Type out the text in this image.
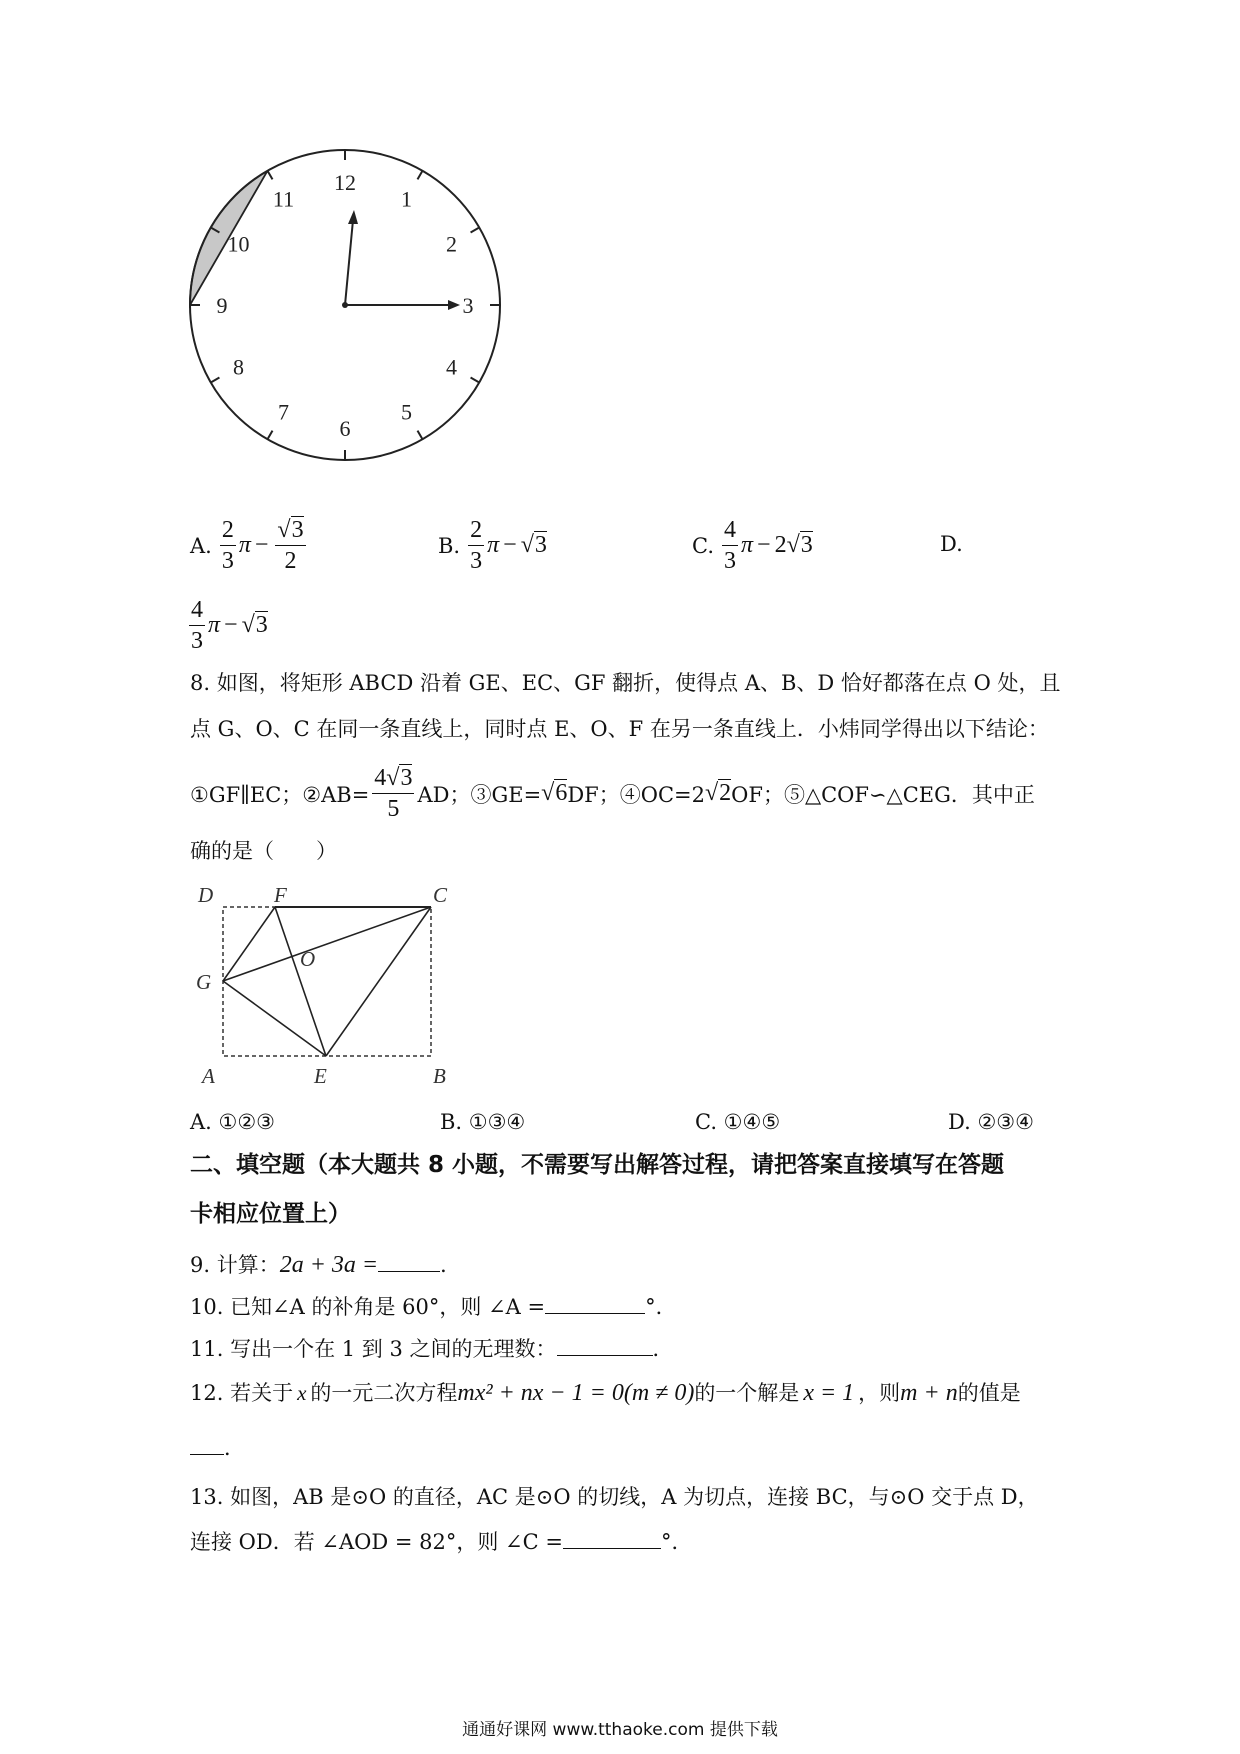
12
1
2
3
4
5
6
7
8
9
10
11
A. $\frac{2}{3}$ $\pi - \frac{√3}{2}$	B. $\frac{2}{3}$ π − √3	C. $\frac{4}{3}$ π − 2 √3	D.
$\frac{4}{3}$ π − √3
8. 如图，将矩形 ABCD 沿着 GE、EC、GF 翻折，使得点 A、B、D 恰好都落在点 O 处，且
点 G、O、C 在同一条直线上，同时点 E、O、F 在另一条直线上．小炜同学得出以下结论：
①GF∥EC；②AB= $\frac{4√3}{5}$ AD；③GE= √6 DF；④OC=2 √2 OF；⑤△COF∽△CEG．其中正
确的是（　　）
D	F	C
G
O
A	E	B
A. ①②③	B. ①③④	C. ①④⑤	D. ②③④
二、填空题（本大题共 8 小题，不需要写出解答过程，请把答案直接填写在答题
卡相应位置上）
9. 计算：2a + 3a =	．
10. 已知∠A 的补角是 60°，则 ∠A =	°．
11. 写出一个在 1 到 3 之间的无理数：	．
12. 若关于 x 的一元二次方程mx² + nx − 1 = 0(m ≠ 0)的一个解是 x = 1 ，则m + n的值是
．
13. 如图，AB 是⊙O 的直径，AC 是⊙O 的切线，A 为切点，连接 BC，与⊙O 交于点 D，
连接 OD．若 ∠AOD = 82°，则 ∠C =	°．
通通好课网 www.tthaoke.com 提供下载
